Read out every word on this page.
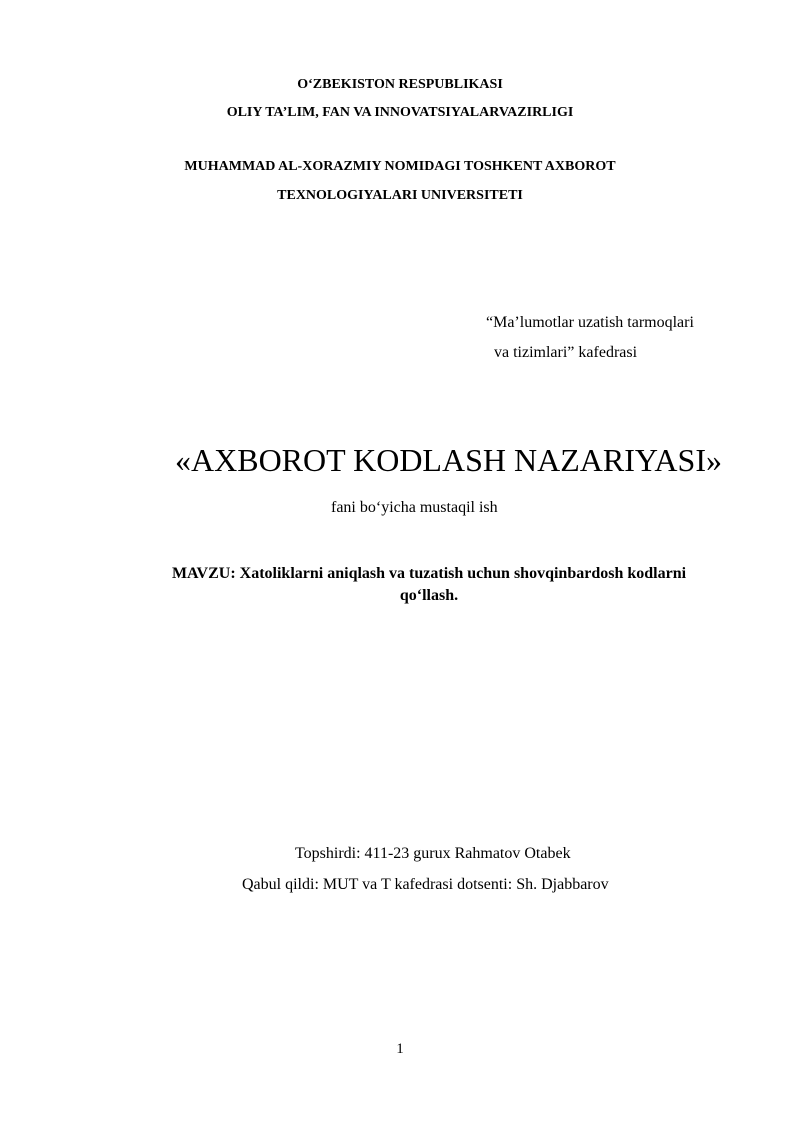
O‘ZBEKISTON RESPUBLIKASI
OLIY TA’LIM, FAN VA INNOVATSIYALARVAZIRLIGI
MUHAMMAD AL-XORAZMIY NOMIDAGI TOSHKENT AXBOROT
TEXNOLOGIYALARI UNIVERSITETI
“Ma’lumotlar uzatish tarmoqlari
va tizimlari” kafedrasi
«AXBOROT KODLASH NAZARIYASI»
fani bo‘yicha mustaqil ish
MAVZU: Xatoliklarni aniqlash va tuzatish uchun shovqinbardosh kodlarni
qo‘llash.
Topshirdi: 411-23 gurux Rahmatov Otabek
Qabul qildi: MUT va T kafedrasi dotsenti: Sh. Djabbarov
1
